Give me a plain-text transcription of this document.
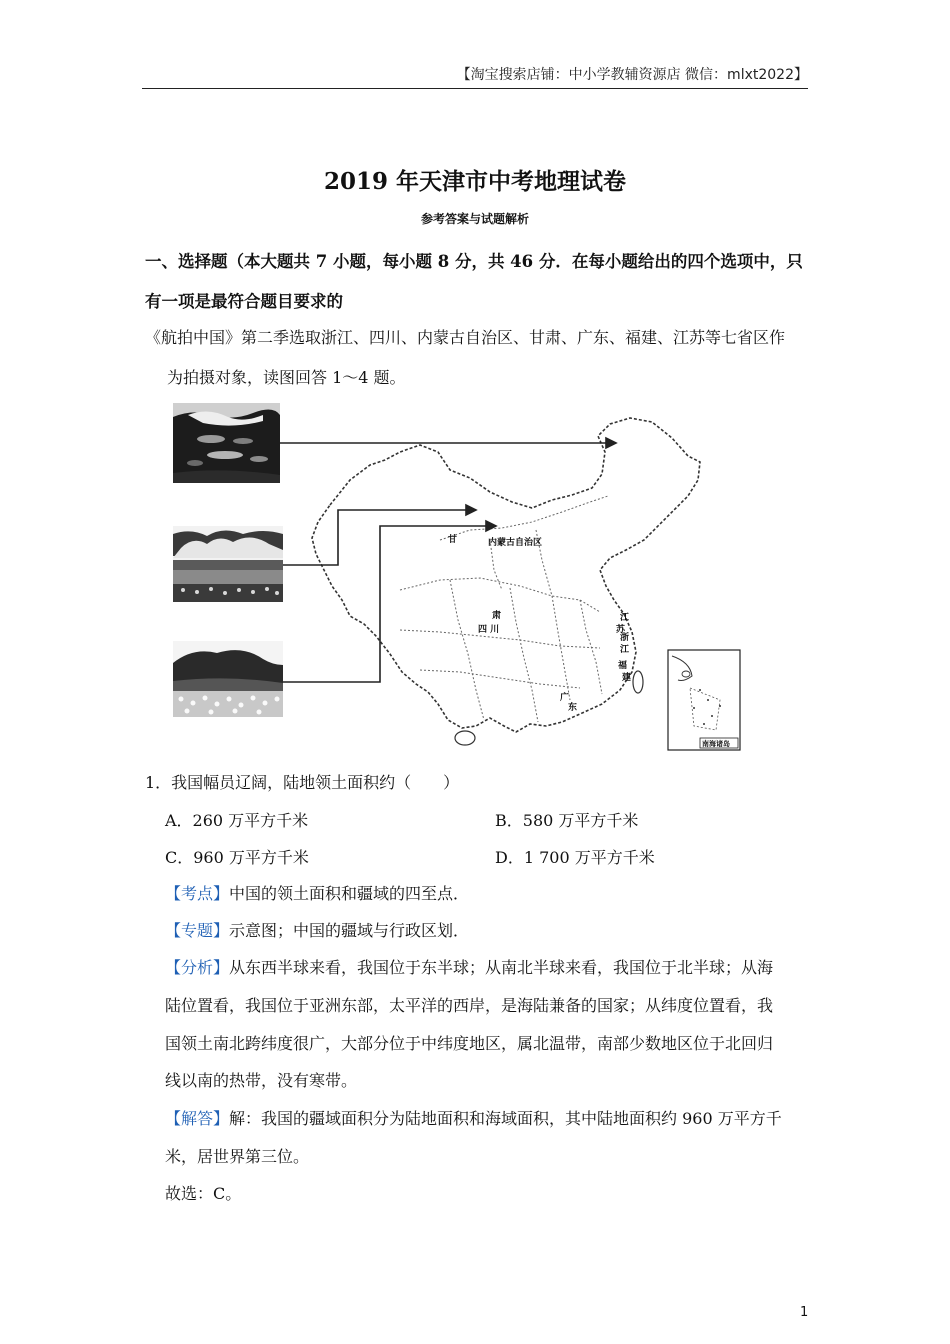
【淘宝搜索店铺：中小学教辅资源店 微信：mlxt2022】
2019 年天津市中考地理试卷
参考答案与试题解析
一、选择题（本大题共 7 小题，每小题 8 分，共 46 分．在每小题给出的四个选项中，只有一项是最符合题目要求的
《航拍中国》第二季选取浙江、四川、内蒙古自治区、甘肃、广东、福建、江苏等七省区作
为拍摄对象，读图回答 1～4 题。
甘	内蒙古自治区
肃
四 川
江
苏
浙
江
福
建
广
东
南海诸岛
1．我国幅员辽阔，陆地领土面积约（　　）
A．260 万平方千米	B．580 万平方千米
C．960 万平方千米	D．1 700 万平方千米
【考点】中国的领土面积和疆域的四至点．
【专题】示意图；中国的疆域与行政区划．
【分析】从东西半球来看，我国位于东半球；从南北半球来看，我国位于北半球；从海
陆位置看，我国位于亚洲东部，太平洋的西岸，是海陆兼备的国家；从纬度位置看，我
国领土南北跨纬度很广，大部分位于中纬度地区，属北温带，南部少数地区位于北回归
线以南的热带，没有寒带。
【解答】解：我国的疆域面积分为陆地面积和海域面积，其中陆地面积约 960 万平方千
米，居世界第三位。
故选：C。
1
